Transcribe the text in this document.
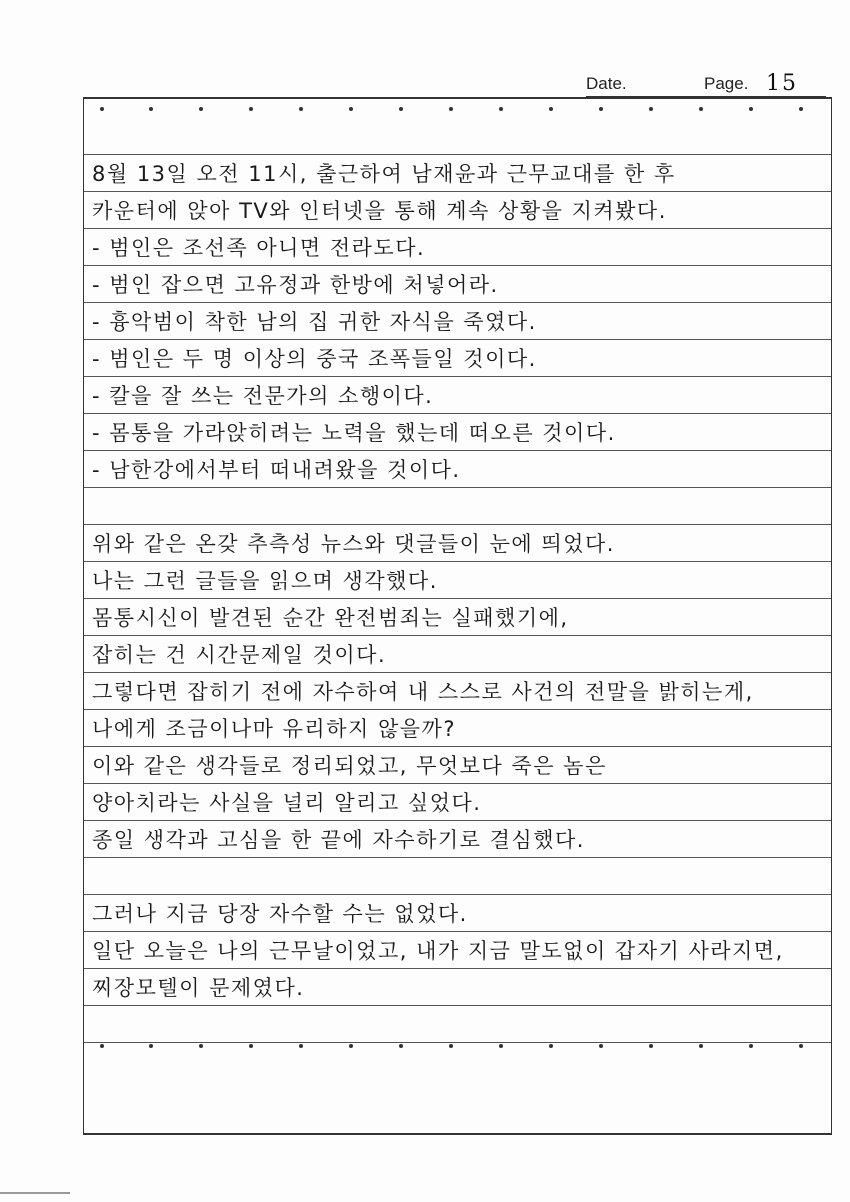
Date.	Page. 15
8월 13일 오전 11시, 출근하여 남재윤과 근무교대를 한 후
카운터에 앉아 TV와 인터넷을 통해 계속 상황을 지켜봤다.
- 범인은 조선족 아니면 전라도다.
- 범인 잡으면 고유정과 한방에 처넣어라.
- 흉악범이 착한 남의 집 귀한 자식을 죽였다.
- 범인은 두 명 이상의 중국 조폭들일 것이다.
- 칼을 잘 쓰는 전문가의 소행이다.
- 몸통을 가라앉히려는 노력을 했는데 떠오른 것이다.
- 남한강에서부터 떠내려왔을 것이다.
위와 같은 온갖 추측성 뉴스와 댓글들이 눈에 띄었다.
나는 그런 글들을 읽으며 생각했다.
몸통시신이 발견된 순간 완전범죄는 실패했기에,
잡히는 건 시간문제일 것이다.
그렇다면 잡히기 전에 자수하여 내 스스로 사건의 전말을 밝히는게,
나에게 조금이나마 유리하지 않을까?
이와 같은 생각들로 정리되었고, 무엇보다 죽은 놈은
양아치라는 사실을 널리 알리고 싶었다.
종일 생각과 고심을 한 끝에 자수하기로 결심했다.
그러나 지금 당장 자수할 수는 없었다.
일단 오늘은 나의 근무날이었고, 내가 지금 말도없이 갑자기 사라지면,
찌장모텔이 문제였다.
